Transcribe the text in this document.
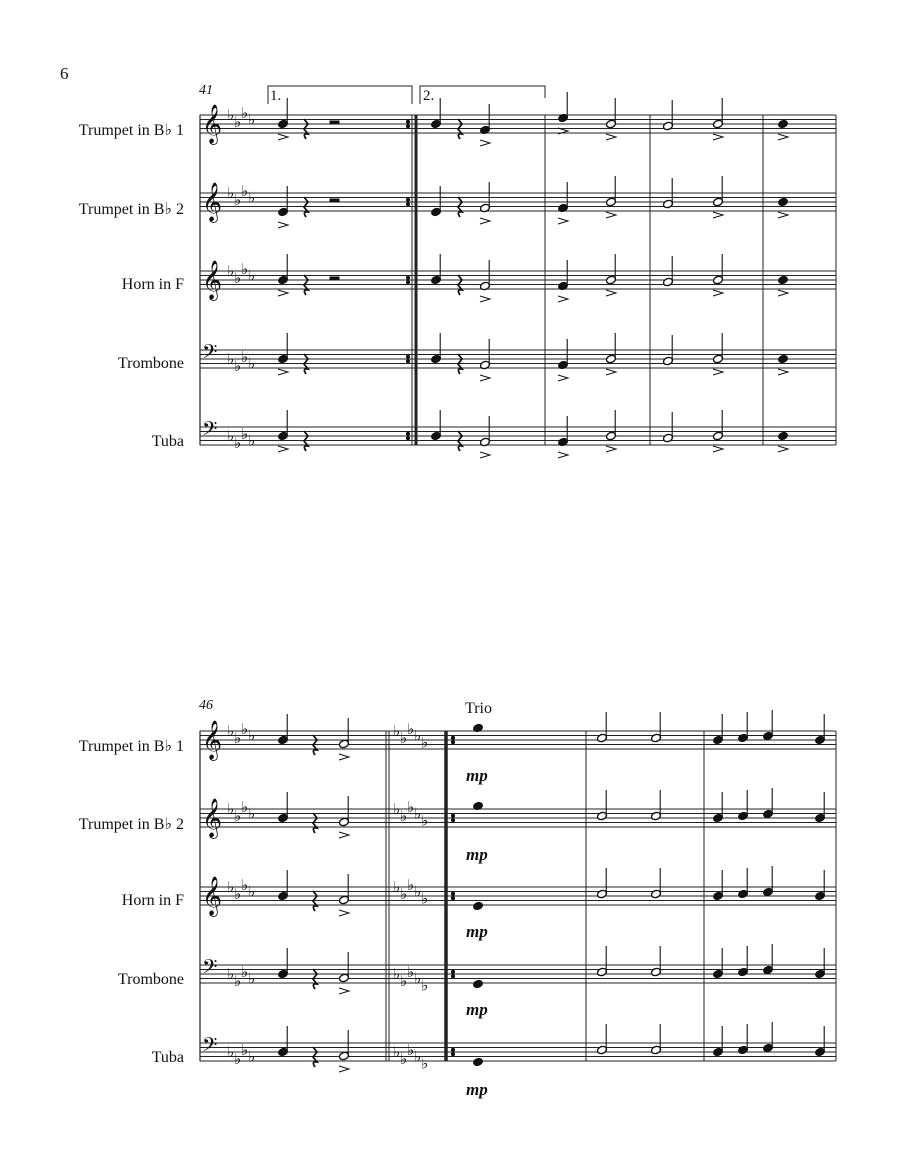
𝄞 ♭ ♭ ♭ ♭
𝄞 ♭ ♭ ♭ ♭
𝄞 ♭ ♭ ♭ ♭
𝄢 ♭ ♭ ♭ ♭
𝄢 ♭ ♭ ♭ ♭
𝄞 ♭ ♭ ♭ ♭	♭ ♭ ♭ ♭ ♭
𝄞 ♭ ♭ ♭ ♭	♭ ♭ ♭ ♭ ♭
𝄞 ♭ ♭ ♭ ♭	♭ ♭ ♭ ♭ ♭
𝄢 ♭ ♭ ♭ ♭	♭ ♭ ♭ ♭ ♭
𝄢 ♭ ♭ ♭ ♭	♭ ♭ ♭ ♭ ♭
6
41	1.	2.
Trumpet in B♭ 1
Trumpet in B♭ 2
Horn in F
Trombone
Tuba
46	Trio
Trumpet in B♭ 1
Trumpet in B♭ 2
Horn in F
Trombone
Tuba
mp
mp
mp
mp
mp
